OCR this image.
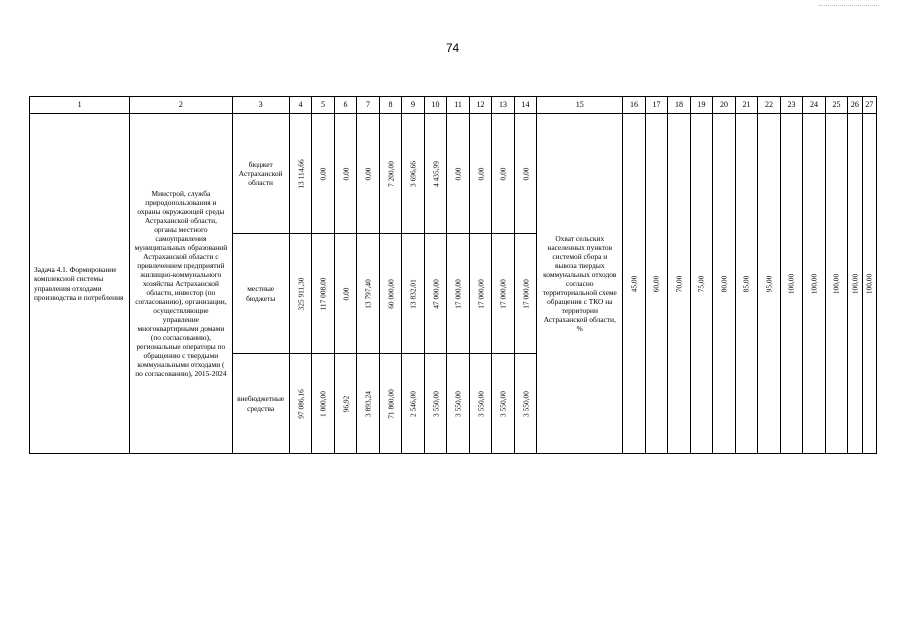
74
1	2	3	4	5	6	7	8	9	10	11	12	13	14	15	16	17	18	19	20	21	22	23	24	25	26	27
Задача 4.1. Формирование комплексной системы управления отходами производства и потребления	Минстрой, служба природопользования и охраны окружающей среды Астраханской области, органы местного самоуправления муниципальных образований Астраханской области с привлечением предприятий жилищно-коммунального хозяйства Астраханской области, инвестор (по согласованию), организации, осуществляющие управление многоквартирными домами (по согласованию), региональные операторы по обращению с твердыми коммунальными отходами ( по согласованию), 2015-2024	бюджет Астраханской области	13 114,66	0,00	0,00	0,00	7 200,00	3 696,66	4 435,99	0,00	0,00	0,00	0,00	Охват сельских населенных пунктов системой сбора и вывоза твердых коммунальных отходов согласно территориальной схеме обращения с ТКО на территории Астраханской области, %	45,00	60,00	70,00	75,00	80,00	85,00	95,00	100,00	100,00	100,00	100,00	100,00

		местные бюджеты	325 911,30	117 008,00	0,00	13 797,40	60 000,00	13 832,01	47 000,00	17 000,00	17 000,00	17 000,00	17 000,00													

		внебюджетные средства	97 086,16	1 000,00	96,92	3 893,24	71 800,00	2 546,00	3 550,00	3 550,00	3 550,00	3 550,00	3 550,00													
